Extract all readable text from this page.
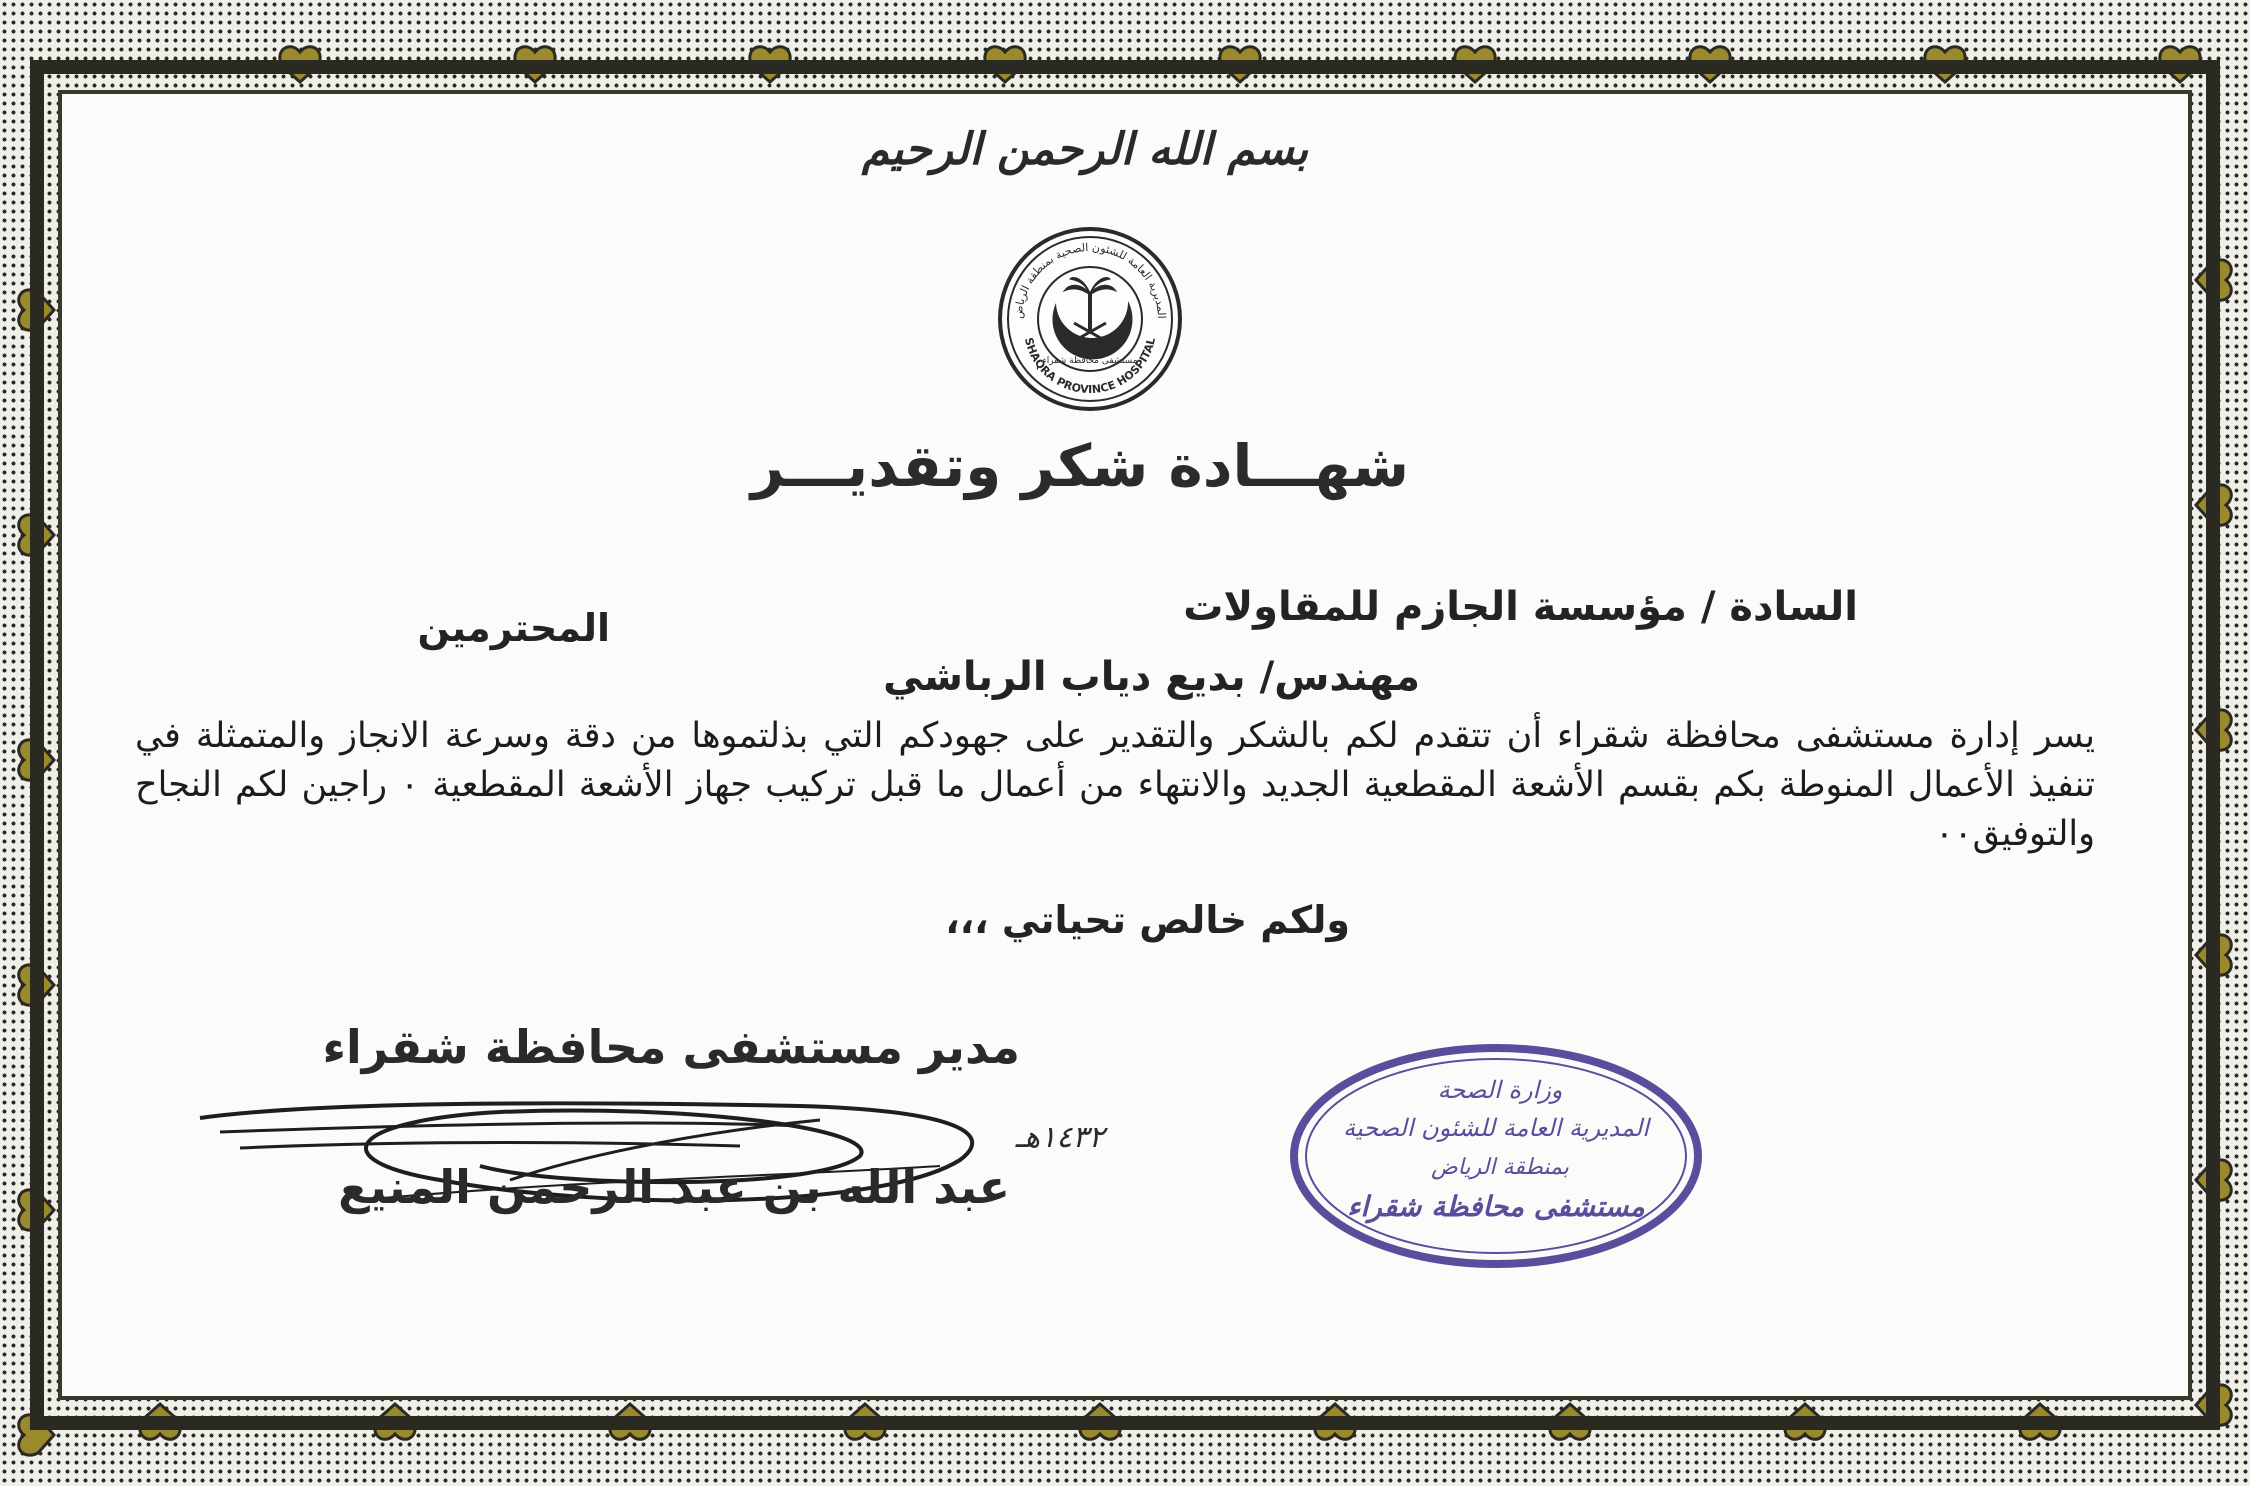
بسم الله الرحمن الرحيم
المديرية العامة للشئون الصحية بمنطقة الرياض
SHAQRA PROVINCE HOSPITAL
مستشفى محافظة شقراء
شهـــادة شكر وتقديـــر
السادة / مؤسسة الجازم للمقاولات
المحترمين
مهندس/ بديع دياب الرباشي
يسر إدارة مستشفى محافظة شقراء أن تتقدم لكم بالشكر والتقدير على جهودكم التي بذلتموها من دقة وسرعة الانجاز والمتمثلة في تنفيذ الأعمال المنوطة بكم بقسم الأشعة المقطعية الجديد والانتهاء من أعمال ما قبل تركيب جهاز الأشعة المقطعية ٠ راجين لكم النجاح والتوفيق٠٠
ولكم خالص تحياتي ،،،
مدير مستشفى محافظة شقراء
١٤٣٢هـ
عبد الله بن عبد الرحمن المنيع
وزارة الصحة
المديرية العامة للشئون الصحية
بمنطقة الرياض
مستشفى محافظة شقراء
